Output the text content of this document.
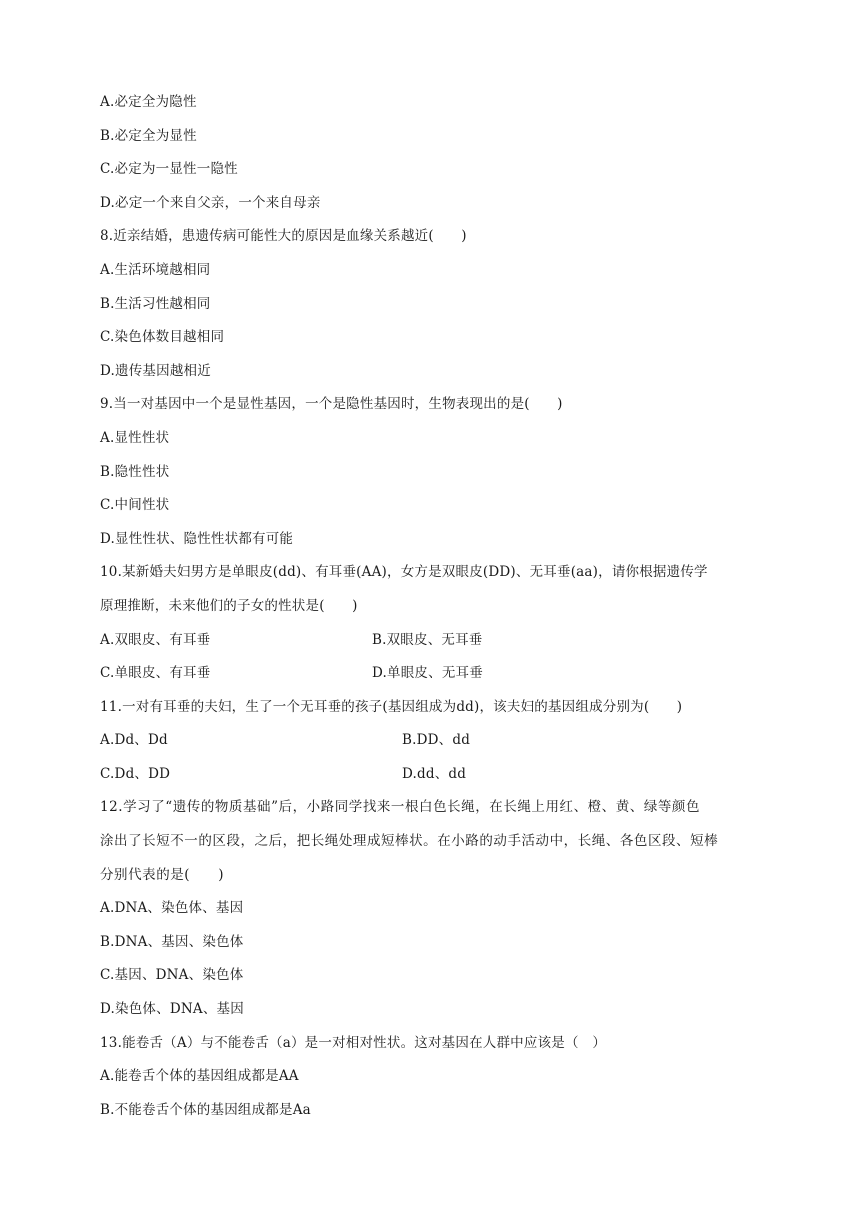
A.必定全为隐性
B.必定全为显性
C.必定为一显性一隐性
D.必定一个来自父亲，一个来自母亲
8.近亲结婚，患遗传病可能性大的原因是血缘关系越近(　　)
A.生活环境越相同
B.生活习性越相同
C.染色体数目越相同
D.遗传基因越相近
9.当一对基因中一个是显性基因，一个是隐性基因时，生物表现出的是(　　)
A.显性性状
B.隐性性状
C.中间性状
D.显性性状、隐性性状都有可能
10.某新婚夫妇男方是单眼皮(dd)、有耳垂(AA)，女方是双眼皮(DD)、无耳垂(aa)，请你根据遗传学
原理推断，未来他们的子女的性状是(　　)
A.双眼皮、有耳垂	B.双眼皮、无耳垂
C.单眼皮、有耳垂	D.单眼皮、无耳垂
11.一对有耳垂的夫妇，生了一个无耳垂的孩子(基因组成为dd)，该夫妇的基因组成分别为(　　)
A.Dd、Dd	B.DD、dd
C.Dd、DD	D.dd、dd
12.学习了“遗传的物质基础”后，小路同学找来一根白色长绳，在长绳上用红、橙、黄、绿等颜色
涂出了长短不一的区段，之后，把长绳处理成短棒状。在小路的动手活动中，长绳、各色区段、短棒
分别代表的是(　　)
A.DNA、染色体、基因
B.DNA、基因、染色体
C.基因、DNA、染色体
D.染色体、DNA、基因
13.能卷舌（A）与不能卷舌（a）是一对相对性状。这对基因在人群中应该是（　）
A.能卷舌个体的基因组成都是AA
B.不能卷舌个体的基因组成都是Aa
